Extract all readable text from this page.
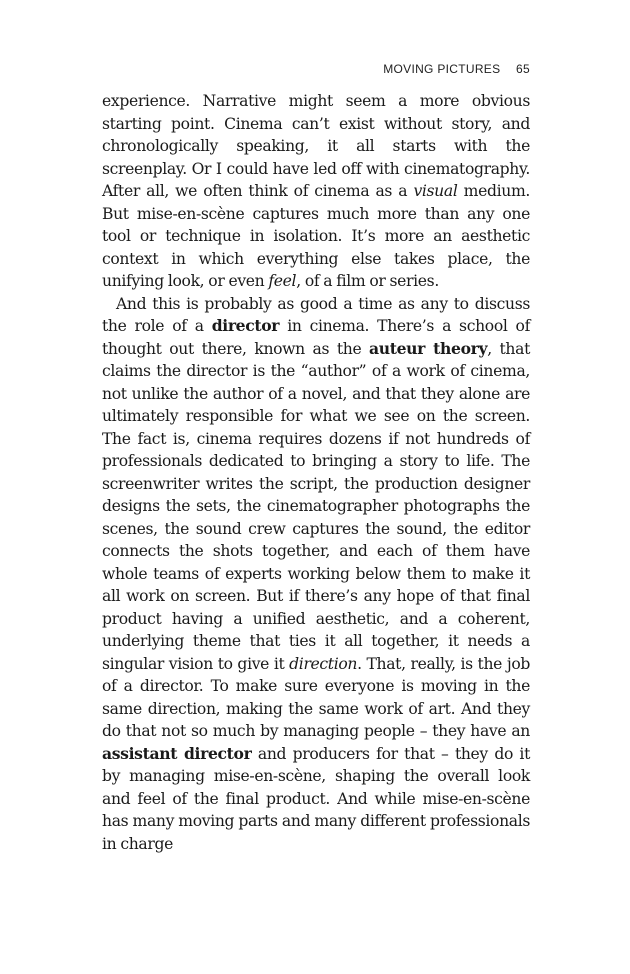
MOVING PICTURES 65

experience. Narrative might seem a more obvious starting point. Cinema can’t exist without story, and chronologically speaking, it all starts with the screenplay. Or I could have led off with cinematography. After all, we often think of cinema as a visual medium. But mise-en-scène captures much more than any one tool or technique in isolation. It’s more an aesthetic context in which everything else takes place, the unifying look, or even feel, of a film or series.

And this is probably as good a time as any to discuss the role of a director in cinema. There’s a school of thought out there, known as the auteur theory, that claims the director is the “author” of a work of cinema, not unlike the author of a novel, and that they alone are ultimately responsible for what we see on the screen. The fact is, cinema requires dozens if not hundreds of professionals dedicated to bringing a story to life. The screenwriter writes the script, the production designer designs the sets, the cinematographer photographs the scenes, the sound crew captures the sound, the editor connects the shots together, and each of them have whole teams of experts working below them to make it all work on screen. But if there’s any hope of that final product having a unified aesthetic, and a coherent, underlying theme that ties it all together, it needs a singular vision to give it direction. That, really, is the job of a director. To make sure everyone is moving in the same direction, making the same work of art. And they do that not so much by managing people – they have an assistant director and producers for that – they do it by managing mise-en-scène, shaping the overall look and feel of the final product. And while mise-en-scène has many moving parts and many different professionals in charge
